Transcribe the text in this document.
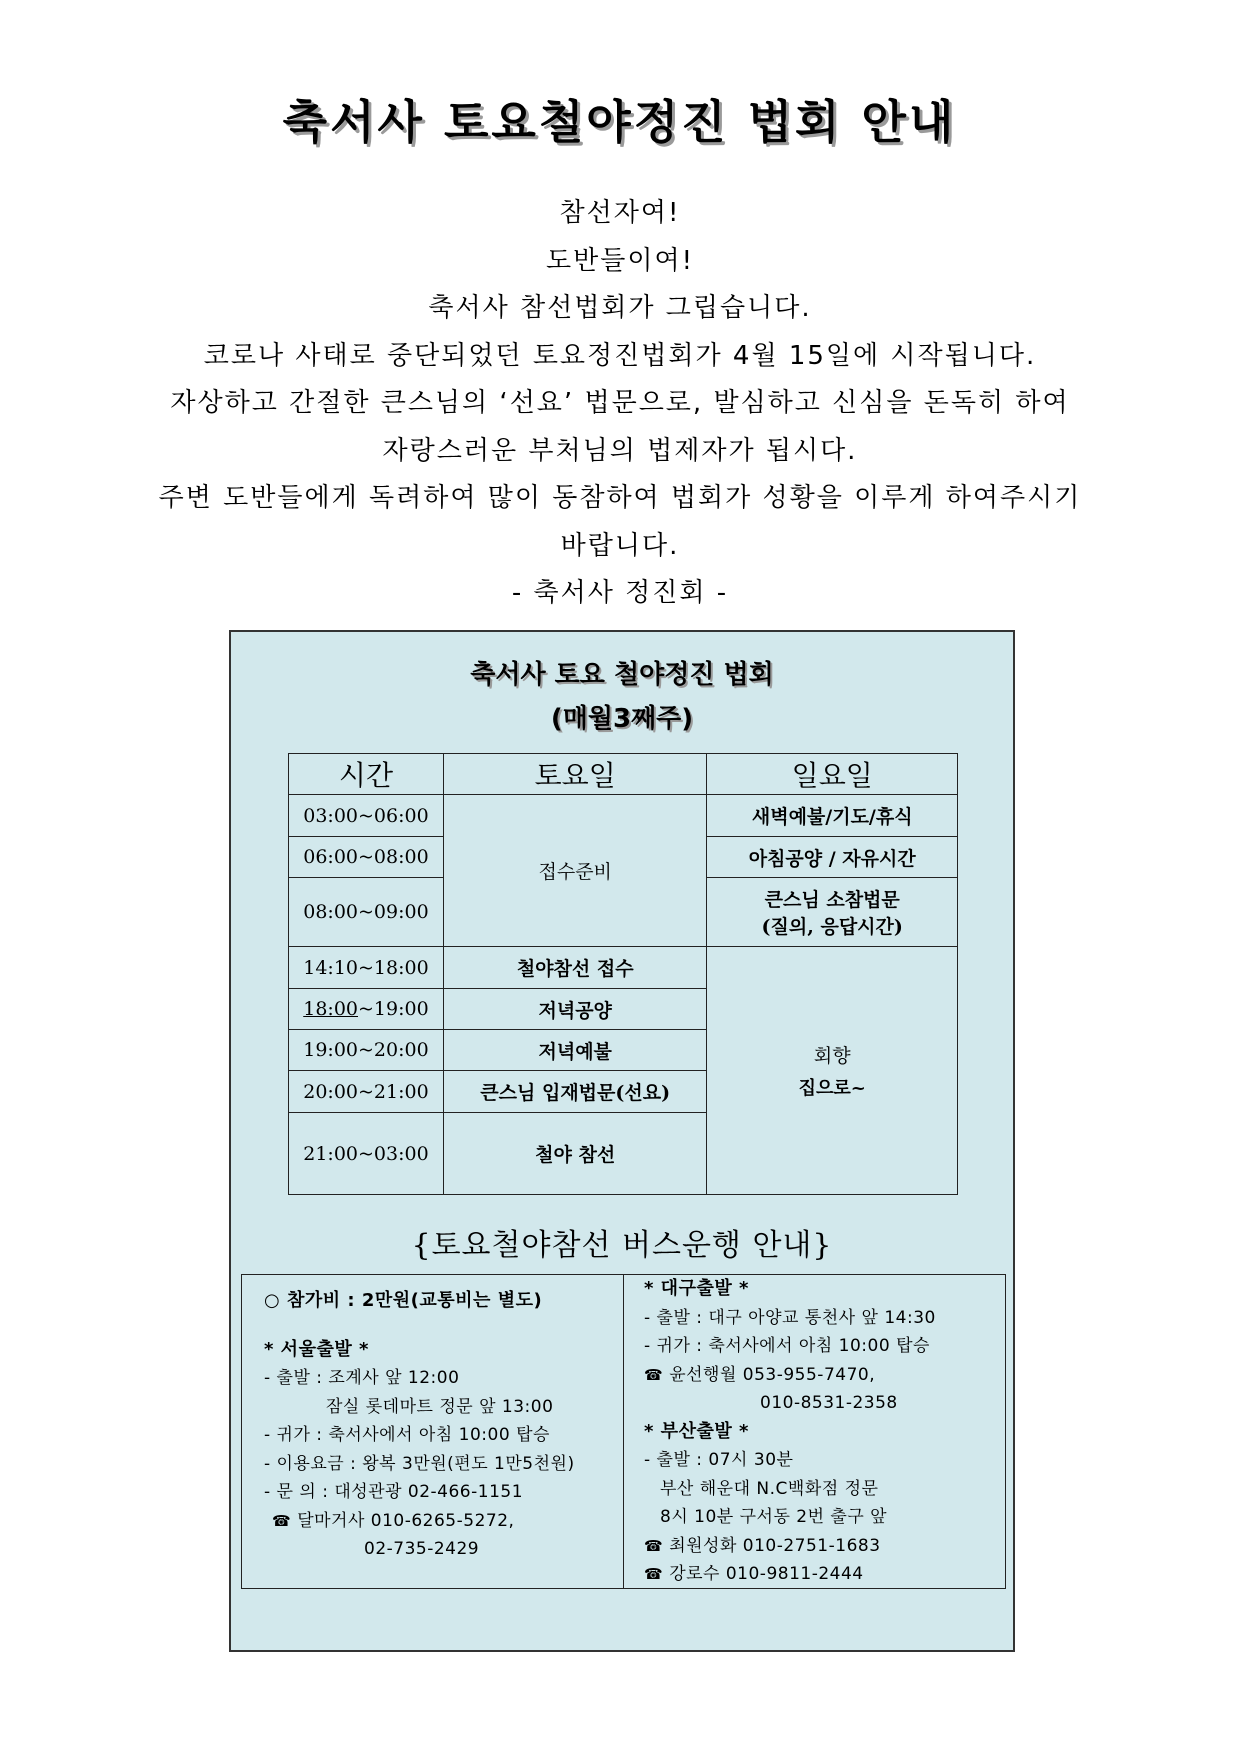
축서사 토요철야정진 법회 안내
참선자여!
도반들이여!
축서사 참선법회가 그립습니다.
코로나 사태로 중단되었던 토요정진법회가 4월 15일에 시작됩니다.
자상하고 간절한 큰스님의 ‘선요’ 법문으로, 발심하고 신심을 돈독히 하여
자랑스러운 부처님의 법제자가 됩시다.
주변 도반들에게 독려하여 많이 동참하여 법회가 성황을 이루게 하여주시기
바랍니다.
- 축서사 정진회 -
축서사 토요 철야정진 법회
(매월3째주)
시간	토요일	일요일
03:00~06:00	접수준비	새벽예불/기도/휴식
06:00~08:00		아침공양 / 자유시간
08:00~09:00		큰스님 소참법문
(질의, 응답시간)

14:10~18:00	철야참선 접수	회향
집으로~

18:00~19:00	저녁공양	
19:00~20:00	저녁예불	
20:00~21:00	큰스님 입재법문(선요)	
21:00~03:00	철야 참선	
{토요철야참선 버스운행 안내}
○ 참가비 : 2만원(교통비는 별도)
* 서울출발 *
- 출발 : 조계사 앞 12:00
잠실 롯데마트 정문 앞 13:00
- 귀가 : 축서사에서 아침 10:00 탑승
- 이용요금 : 왕복 3만원(편도 1만5천원)
- 문 의 : 대성관광 02-466-1151
☎ 달마거사 010-6265-5272,
02-735-2429
* 대구출발 *
- 출발 : 대구 아양교 통천사 앞 14:30
- 귀가 : 축서사에서 아침 10:00 탑승
☎ 윤선행월 053-955-7470,
010-8531-2358
* 부산출발 *
- 출발 : 07시 30분
부산 해운대 N.C백화점 정문
8시 10분 구서동 2번 출구 앞
☎ 최원성화 010-2751-1683
☎ 강로수 010-9811-2444
